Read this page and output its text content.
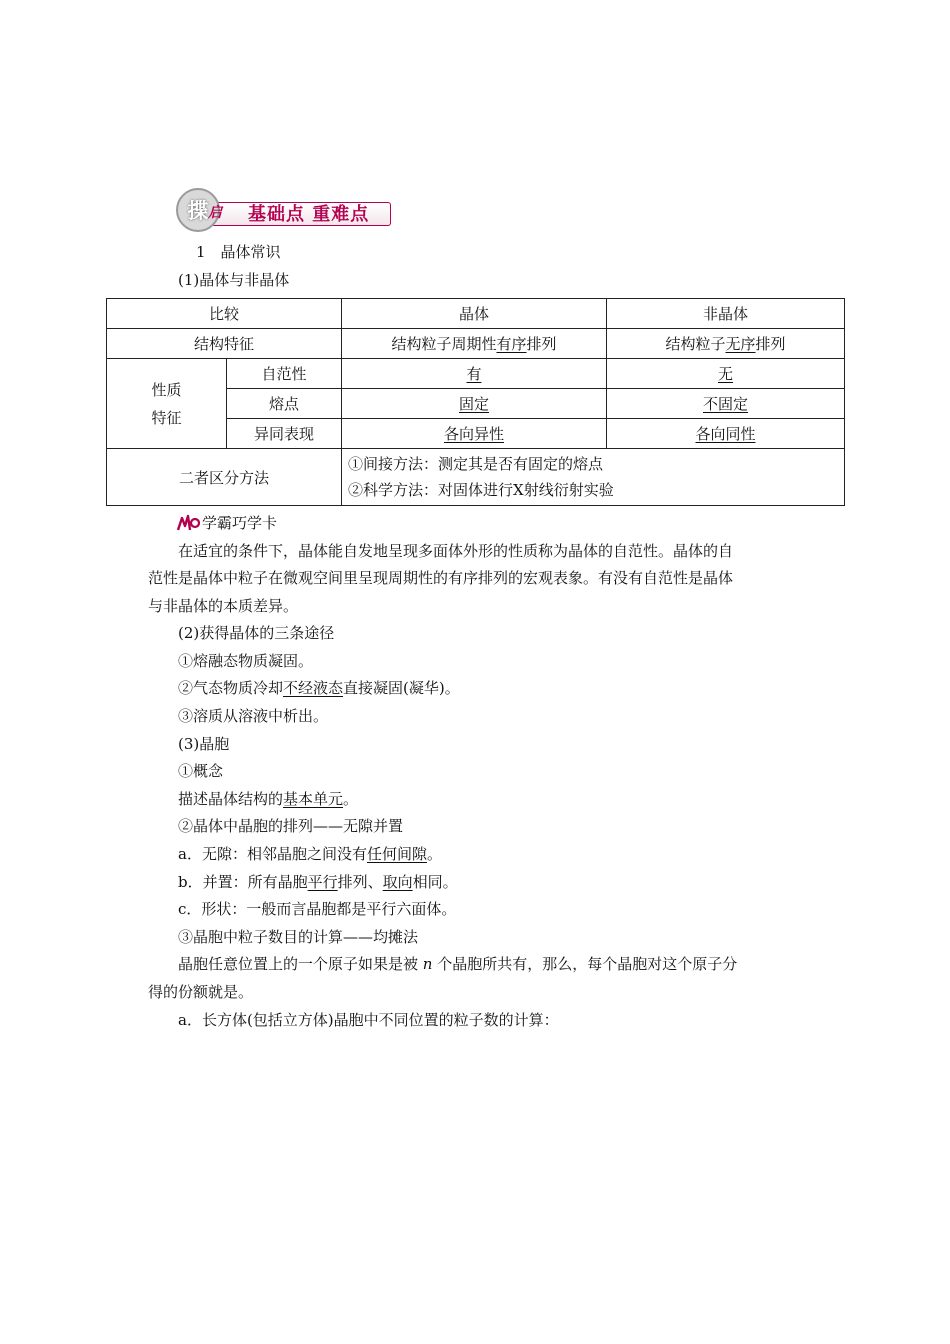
揲 启 基础点 重难点
1　晶体常识
(1)晶体与非晶体
比较		晶体	非晶体
结构特征		结构粒子周期性有序排列	结构粒子无序排列
性质
特征	自范性	有	无
	熔点	固定	不固定
	异同表现	各向异性	各向同性
二者区分方法		①间接方法：测定其是否有固定的熔点
②科学方法：对固体进行X射线衍射实验	
学霸巧学卡
在适宜的条件下，晶体能自发地呈现多面体外形的性质称为晶体的自范性。晶体的自
范性是晶体中粒子在微观空间里呈现周期性的有序排列的宏观表象。有没有自范性是晶体
与非晶体的本质差异。
(2)获得晶体的三条途径
①熔融态物质凝固。
②气态物质冷却不经液态直接凝固(凝华)。
③溶质从溶液中析出。
(3)晶胞
①概念
描述晶体结构的基本单元。
②晶体中晶胞的排列——无隙并置
a．无隙：相邻晶胞之间没有任何间隙。
b．并置：所有晶胞平行排列、取向相同。
c．形状：一般而言晶胞都是平行六面体。
③晶胞中粒子数目的计算——均摊法
晶胞任意位置上的一个原子如果是被 n 个晶胞所共有，那么，每个晶胞对这个原子分
得的份额就是。
a．长方体(包括立方体)晶胞中不同位置的粒子数的计算：
